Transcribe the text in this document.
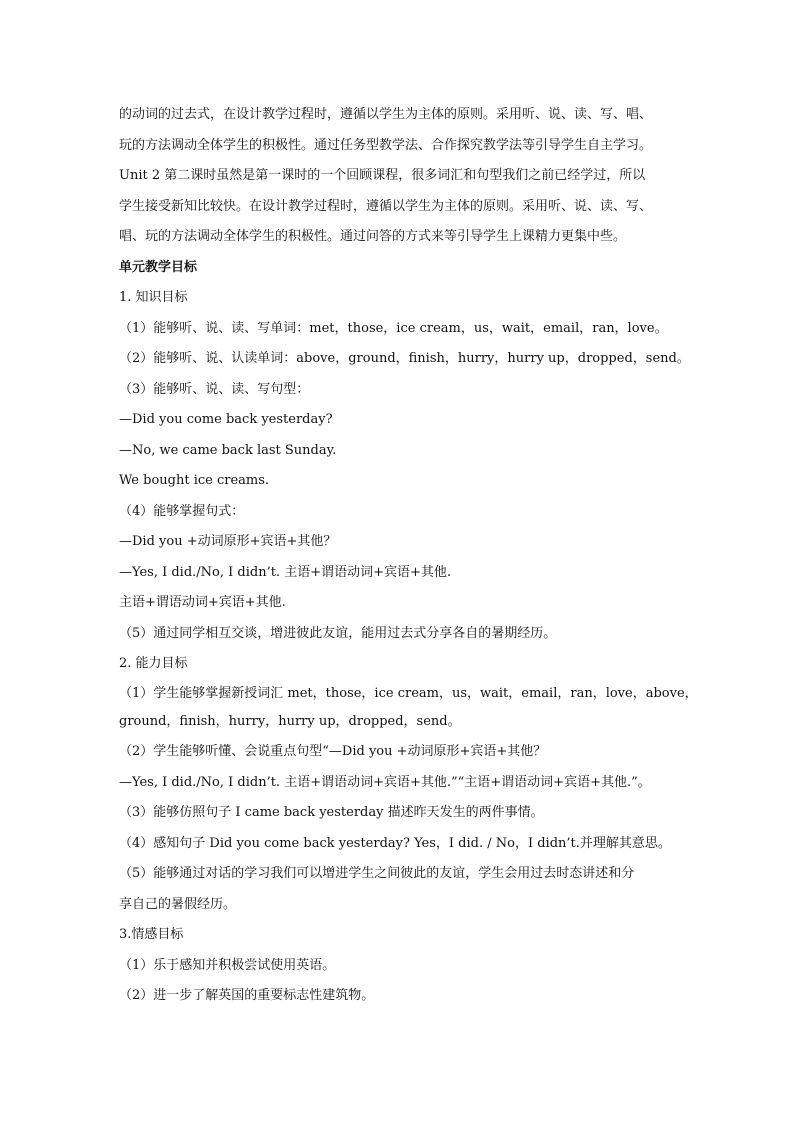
的动词的过去式，在设计教学过程时，遵循以学生为主体的原则。采用听、说、读、写、唱、
玩的方法调动全体学生的积极性。通过任务型教学法、合作探究教学法等引导学生自主学习。
Unit 2 第二课时虽然是第一课时的一个回顾课程，很多词汇和句型我们之前已经学过，所以
学生接受新知比较快。在设计教学过程时，遵循以学生为主体的原则。采用听、说、读、写、
唱、玩的方法调动全体学生的积极性。通过问答的方式来等引导学生上课精力更集中些。
单元教学目标
1. 知识目标
（1）能够听、说、读、写单词：met，those，ice cream，us，wait，email，ran，love。
（2）能够听、说、认读单词：above，ground，finish，hurry，hurry up，dropped，send。
（3）能够听、说、读、写句型：
—Did you come back yesterday?
—No, we came back last Sunday.
We bought ice creams.
（4）能够掌握句式：
—Did you +动词原形+宾语+其他？
—Yes, I did./No, I didn’t. 主语+谓语动词+宾语+其他.
主语+谓语动词+宾语+其他.
（5）通过同学相互交谈，增进彼此友谊，能用过去式分享各自的暑期经历。
2. 能力目标
（1）学生能够掌握新授词汇 met，those，ice cream，us，wait，email，ran，love，above，
ground，finish，hurry，hurry up，dropped，send。
（2）学生能够听懂、会说重点句型“—Did you +动词原形+宾语+其他？
—Yes, I did./No, I didn’t. 主语+谓语动词+宾语+其他.”“主语+谓语动词+宾语+其他.”。
（3）能够仿照句子 I came back yesterday 描述昨天发生的两件事情。
（4）感知句子 Did you come back yesterday? Yes，I did. / No，I didn’t.并理解其意思。
（5）能够通过对话的学习我们可以增进学生之间彼此的友谊，学生会用过去时态讲述和分
享自己的暑假经历。
3.情感目标
（1）乐于感知并积极尝试使用英语。
（2）进一步了解英国的重要标志性建筑物。
